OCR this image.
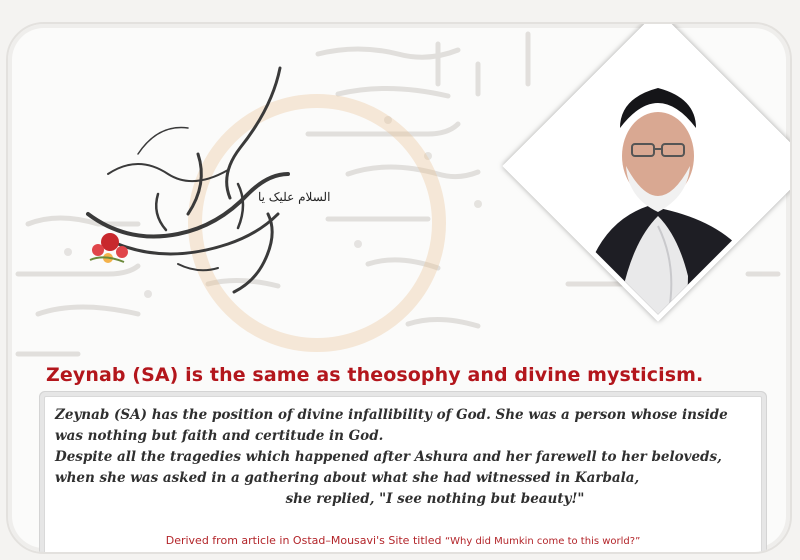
السلام علیک یا
Zeynab (SA) is the same as theosophy and divine mysticism.

Zeynab (SA) has the position of divine infallibility of God. She was a person whose inside was nothing but faith and certitude in God.

Despite all the tragedies which happened after Ashura and her farewell to her beloveds, when she was asked in a gathering about what she had witnessed in Karbala,

she replied, "I see nothing but beauty!"

Derived from article in Ostad–Mousavi's Site titled “Why did Mumkin come to this world?”
